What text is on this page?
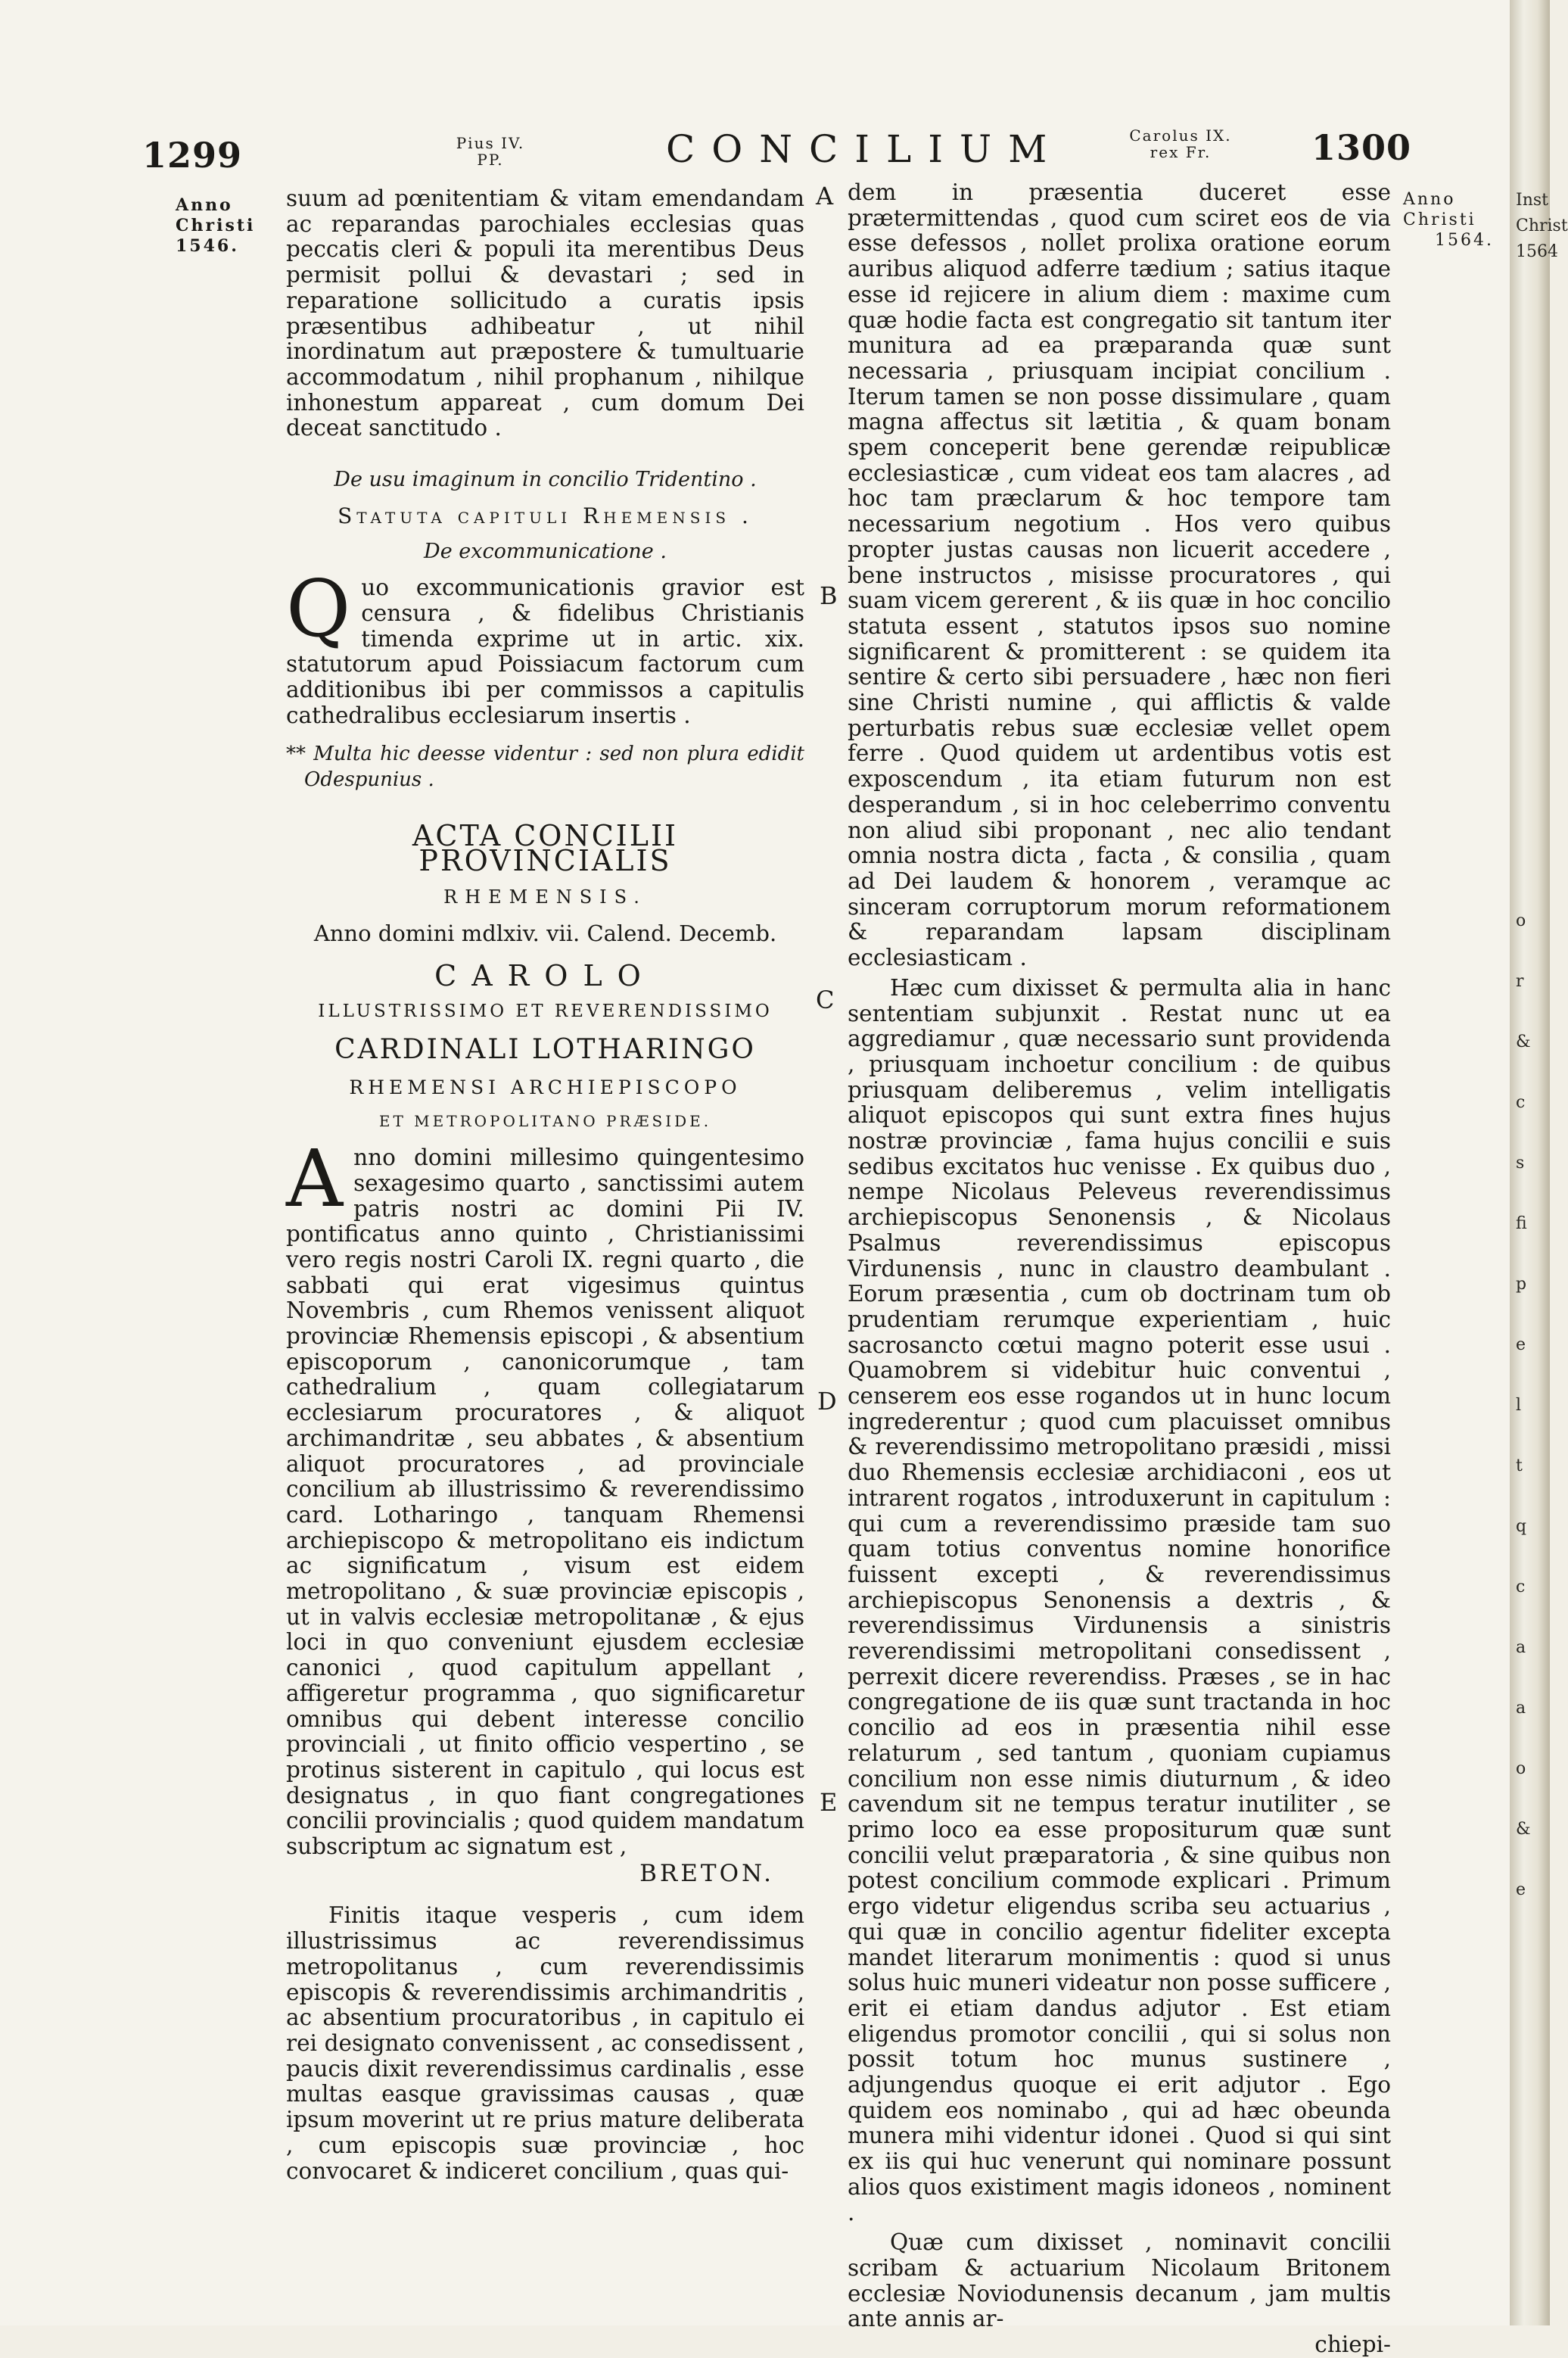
1299	Pius IV.
PP.	CONCILIUM	Carolus IX.
rex Fr.	1300
Anno
Christi
1546.
Anno
Christi
1564.
A
B
C
D
E

suum ad pœnitentiam & vitam emendandam ac reparandas parochiales ecclesias quas peccatis cleri & populi ita merentibus Deus permisit pollui & devastari ; sed in reparatione sollicitudo a curatis ipsis præsentibus adhibeatur , ut nihil inordinatum aut præpostere & tumultuarie accommodatum , nihil prophanum , nihilque inhonestum appareat , cum domum Dei deceat sanctitudo .

De usu imaginum in concilio Tridentino .
Statuta capituli Rhemensis .
De excommunicatione .

Q uo excommunicationis gravior est censura , & fidelibus Christianis timenda exprime ut in artic. xix. statutorum apud Poissiacum factorum cum additionibus ibi per commissos a capitulis cathedralibus ecclesiarum insertis .

** Multa hic deesse videntur : sed non plura edidit Odespunius .
ACTA CONCILII PROVINCIALIS
RHEMENSIS.
Anno domini mdlxiv. vii. Calend. Decemb.
CAROLO
ILLUSTRISSIMO ET REVERENDISSIMO
CARDINALI LOTHARINGO
RHEMENSI ARCHIEPISCOPO
ET METROPOLITANO PRÆSIDE.

A nno domini millesimo quingentesimo sexagesimo quarto , sanctissimi autem patris nostri ac domini Pii IV. pontificatus anno quinto , Christianissimi vero regis nostri Caroli IX. regni quarto , die sabbati qui erat vigesimus quintus Novembris , cum Rhemos venissent aliquot provinciæ Rhemensis episcopi , & absentium episcoporum , canonicorumque , tam cathedralium , quam collegiatarum ecclesiarum procuratores , & aliquot archimandritæ , seu abbates , & absentium aliquot procuratores , ad provinciale concilium ab illustrissimo & reverendissimo card. Lotharingo , tanquam Rhemensi archiepiscopo & metropolitano eis indictum ac significatum , visum est eidem metropolitano , & suæ provinciæ episcopis , ut in valvis ecclesiæ metropolitanæ , & ejus loci in quo conveniunt ejusdem ecclesiæ canonici , quod capitulum appellant , affigeretur programma , quo significaretur omnibus qui debent interesse concilio provinciali , ut finito officio vespertino , se protinus sisterent in capitulo , qui locus est designatus , in quo fiant congregationes concilii provincialis ; quod quidem mandatum subscriptum ac signatum est ,

BRETON.

Finitis itaque vesperis , cum idem illustrissimus ac reverendissimus metropolitanus , cum reverendissimis episcopis & reverendissimis archimandritis , ac absentium procuratoribus , in capitulo ei rei designato convenissent , ac consedissent , paucis dixit reverendissimus cardinalis , esse multas easque gravissimas causas , quæ ipsum moverint ut re prius mature deliberata , cum episcopis suæ provinciæ , hoc convocaret & indiceret concilium , quas qui-

dem in præsentia duceret esse prætermittendas , quod cum sciret eos de via esse defessos , nollet prolixa oratione eorum auribus aliquod adferre tædium ; satius itaque esse id rejicere in alium diem : maxime cum quæ hodie facta est congregatio sit tantum iter munitura ad ea præparanda quæ sunt necessaria , priusquam incipiat concilium . Iterum tamen se non posse dissimulare , quam magna affectus sit lætitia , & quam bonam spem conceperit bene gerendæ reipublicæ ecclesiasticæ , cum videat eos tam alacres , ad hoc tam præclarum & hoc tempore tam necessarium negotium . Hos vero quibus propter justas causas non licuerit accedere , bene instructos , misisse procuratores , qui suam vicem gererent , & iis quæ in hoc concilio statuta essent , statutos ipsos suo nomine significarent & promitterent : se quidem ita sentire & certo sibi persuadere , hæc non fieri sine Christi numine , qui afflictis & valde perturbatis rebus suæ ecclesiæ vellet opem ferre . Quod quidem ut ardentibus votis est exposcendum , ita etiam futurum non est desperandum , si in hoc celeberrimo conventu non aliud sibi proponant , nec alio tendant omnia nostra dicta , facta , & consilia , quam ad Dei laudem & honorem , veramque ac sinceram corruptorum morum reformationem & reparandam lapsam disciplinam ecclesiasticam .

Hæc cum dixisset & permulta alia in hanc sententiam subjunxit . Restat nunc ut ea aggrediamur , quæ necessario sunt providenda , priusquam inchoetur concilium : de quibus priusquam deliberemus , velim intelligatis aliquot episcopos qui sunt extra fines hujus nostræ provinciæ , fama hujus concilii e suis sedibus excitatos huc venisse . Ex quibus duo , nempe Nicolaus Peleveus reverendissimus archiepiscopus Senonensis , & Nicolaus Psalmus reverendissimus episcopus Virdunensis , nunc in claustro deambulant . Eorum præsentia , cum ob doctrinam tum ob prudentiam rerumque experientiam , huic sacrosancto cœtui magno poterit esse usui . Quamobrem si videbitur huic conventui , censerem eos esse rogandos ut in hunc locum ingrederentur ; quod cum placuisset omnibus & reverendissimo metropolitano præsidi , missi duo Rhemensis ecclesiæ archidiaconi , eos ut intrarent rogatos , introduxerunt in capitulum : qui cum a reverendissimo præside tam suo quam totius conventus nomine honorifice fuissent excepti , & reverendissimus archiepiscopus Senonensis a dextris , & reverendissimus Virdunensis a sinistris reverendissimi metropolitani consedissent , perrexit dicere reverendiss. Præses , se in hac congregatione de iis quæ sunt tractanda in hoc concilio ad eos in præsentia nihil esse relaturum , sed tantum , quoniam cupiamus concilium non esse nimis diuturnum , & ideo cavendum sit ne tempus teratur inutiliter , se primo loco ea esse propositurum quæ sunt concilii velut præparatoria , & sine quibus non potest concilium commode explicari . Primum ergo videtur eligendus scriba seu actuarius , qui quæ in concilio agentur fideliter excepta mandet literarum monimentis : quod si unus solus huic muneri videatur non posse sufficere , erit ei etiam dandus adjutor . Est etiam eligendus promotor concilii , qui si solus non possit totum hoc munus sustinere , adjungendus quoque ei erit adjutor . Ego quidem eos nominabo , qui ad hæc obeunda munera mihi videntur idonei . Quod si qui sint ex iis qui huc venerunt qui nominare possunt alios quos existiment magis idoneos , nominent .

Quæ cum dixisset , nominavit concilii scribam & actuarium Nicolaum Britonem ecclesiæ Noviodunensis decanum , jam multis ante annis ar-

chiepi-
Inst
Christ
1564
o
r
&
c
s
fi
p
e
l
t
q
c
a
a
o
&
e
